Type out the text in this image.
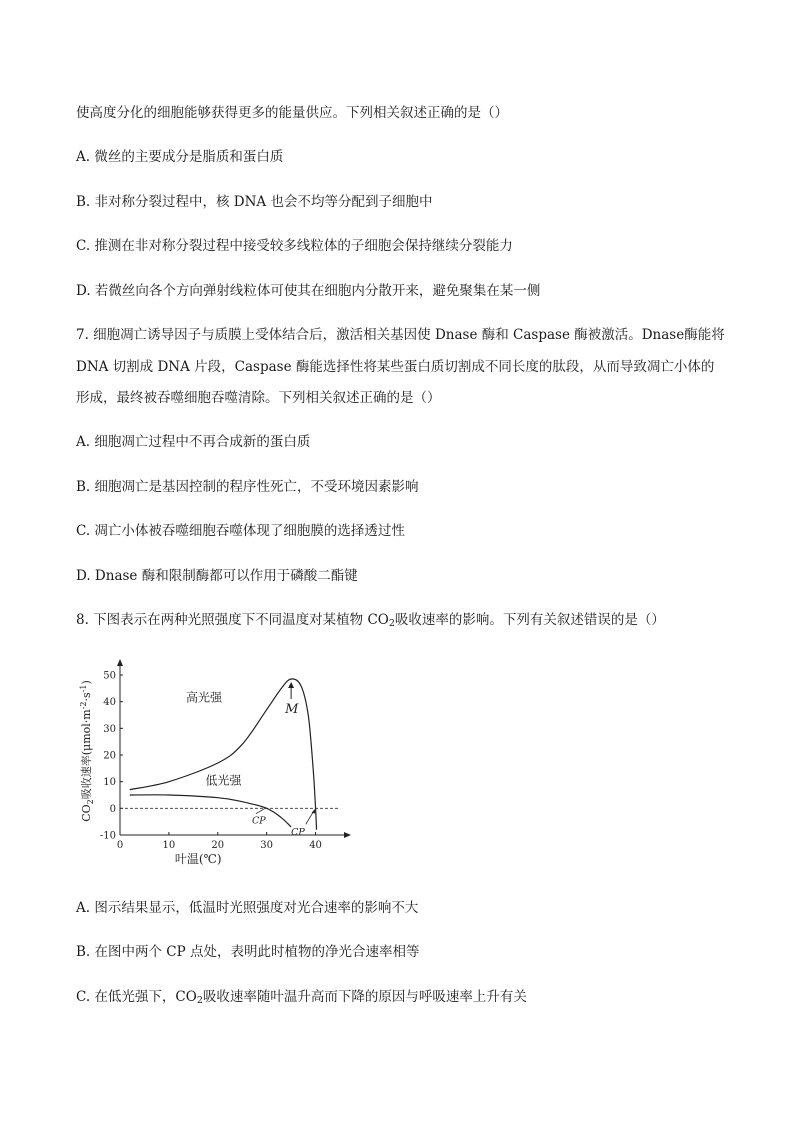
使高度分化的细胞能够获得更多的能量供应。下列相关叙述正确的是（）
A. 微丝的主要成分是脂质和蛋白质
B. 非对称分裂过程中，核 DNA 也会不均等分配到子细胞中
C. 推测在非对称分裂过程中接受较多线粒体的子细胞会保持继续分裂能力
D. 若微丝向各个方向弹射线粒体可使其在细胞内分散开来，避免聚集在某一侧
7. 细胞凋亡诱导因子与质膜上受体结合后，激活相关基因使 Dnase 酶和 Caspase 酶被激活。Dnase酶能将
DNA 切割成 DNA 片段，Caspase 酶能选择性将某些蛋白质切割成不同长度的肽段，从而导致凋亡小体的
形成，最终被吞噬细胞吞噬清除。下列相关叙述正确的是（）
A. 细胞凋亡过程中不再合成新的蛋白质
B. 细胞凋亡是基因控制的程序性死亡，不受环境因素影响
C. 凋亡小体被吞噬细胞吞噬体现了细胞膜的选择透过性
D. Dnase 酶和限制酶都可以作用于磷酸二酯键
8. 下图表示在两种光照强度下不同温度对某植物 $CO_2$吸收速率的影响。下列有关叙述错误的是（）
50
40
30
20
10
0
-10
0	10	20	30	40
高光强
低光强
M
CP
CP
叶温(℃)
$CO_2$吸收速率$(\mu mol\cdot m^{-2}\cdot s^{-1})$
A. 图示结果显示，低温时光照强度对光合速率的影响不大
B. 在图中两个 CP 点处，表明此时植物的净光合速率相等
C. 在低光强下，$CO_2$吸收速率随叶温升高而下降的原因与呼吸速率上升有关
